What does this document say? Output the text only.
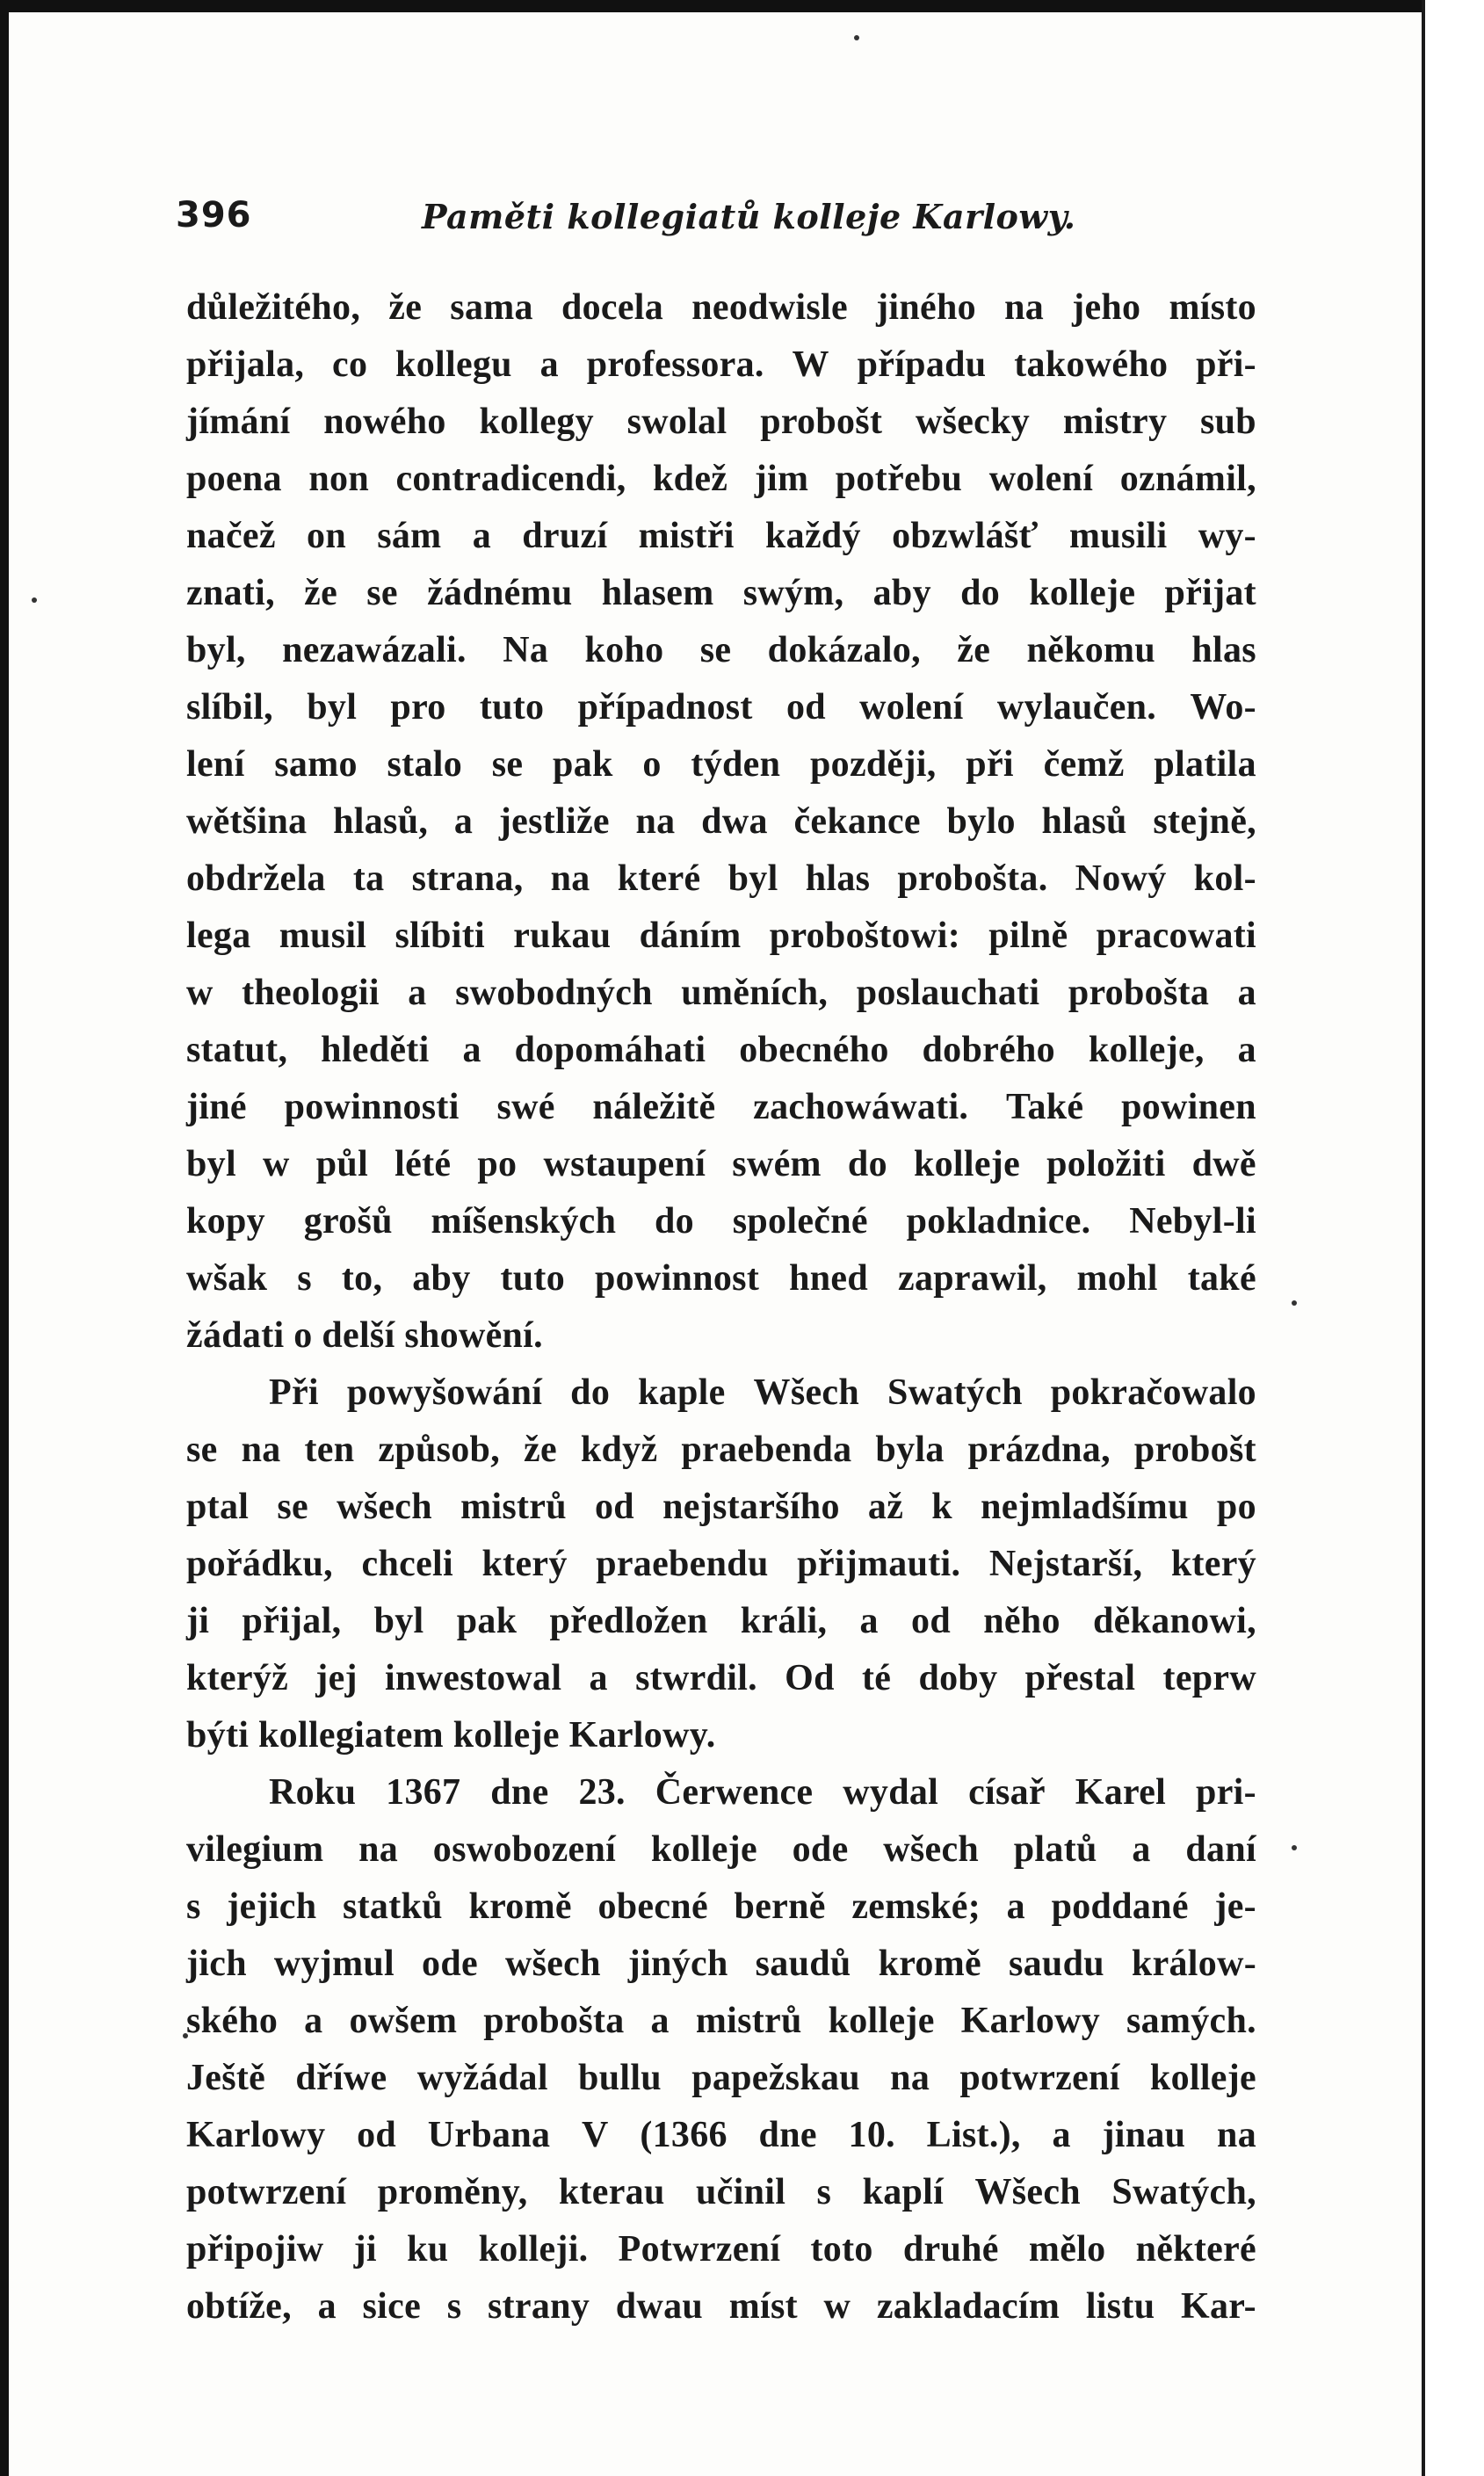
396	Paměti kollegiatů kolleje Karlowy.
důležitého, že sama docela neodwisle jiného na jeho místo
přijala, co kollegu a professora. W případu takowého při-
jímání nowého kollegy swolal probošt wšecky mistry sub
poena non contradicendi, kdež jim potřebu wolení oznámil,
načež on sám a druzí mistři každý obzwlášť musili wy-
znati, že se žádnému hlasem swým, aby do kolleje přijat
byl, nezawázali. Na koho se dokázalo, že někomu hlas
slíbil, byl pro tuto případnost od wolení wylaučen. Wo-
lení samo stalo se pak o týden později, při čemž platila
wětšina hlasů, a jestliže na dwa čekance bylo hlasů stejně,
obdržela ta strana, na které byl hlas probošta. Nowý kol-
lega musil slíbiti rukau dáním proboštowi: pilně pracowati
w theologii a swobodných uměních, poslauchati probošta a
statut, hleděti a dopomáhati obecného dobrého kolleje, a
jiné powinnosti swé náležitě zachowáwati. Také powinen
byl w půl lété po wstaupení swém do kolleje položiti dwě
kopy grošů míšenských do společné pokladnice. Nebyl-li
wšak s to, aby tuto powinnost hned zaprawil, mohl také
žádati o delší showění.
Při powyšowání do kaple Wšech Swatých pokračowalo
se na ten způsob, že když praebenda byla prázdna, probošt
ptal se wšech mistrů od nejstaršího až k nejmladšímu po
pořádku, chceli který praebendu přijmauti. Nejstarší, který
ji přijal, byl pak předložen králi, a od něho děkanowi,
kterýž jej inwestowal a stwrdil. Od té doby přestal teprw
býti kollegiatem kolleje Karlowy.
Roku 1367 dne 23. Čerwence wydal císař Karel pri-
vilegium na oswobození kolleje ode wšech platů a daní
s jejich statků kromě obecné berně zemské; a poddané je-
jich wyjmul ode wšech jiných saudů kromě saudu králow-
ského a owšem probošta a mistrů kolleje Karlowy samých.
Ještě dříwe wyžádal bullu papežskau na potwrzení kolleje
Karlowy od Urbana V (1366 dne 10. List.), a jinau na
potwrzení proměny, kterau učinil s kaplí Wšech Swatých,
připojiw ji ku kolleji. Potwrzení toto druhé mělo některé
obtíže, a sice s strany dwau míst w zakladacím listu Kar-
